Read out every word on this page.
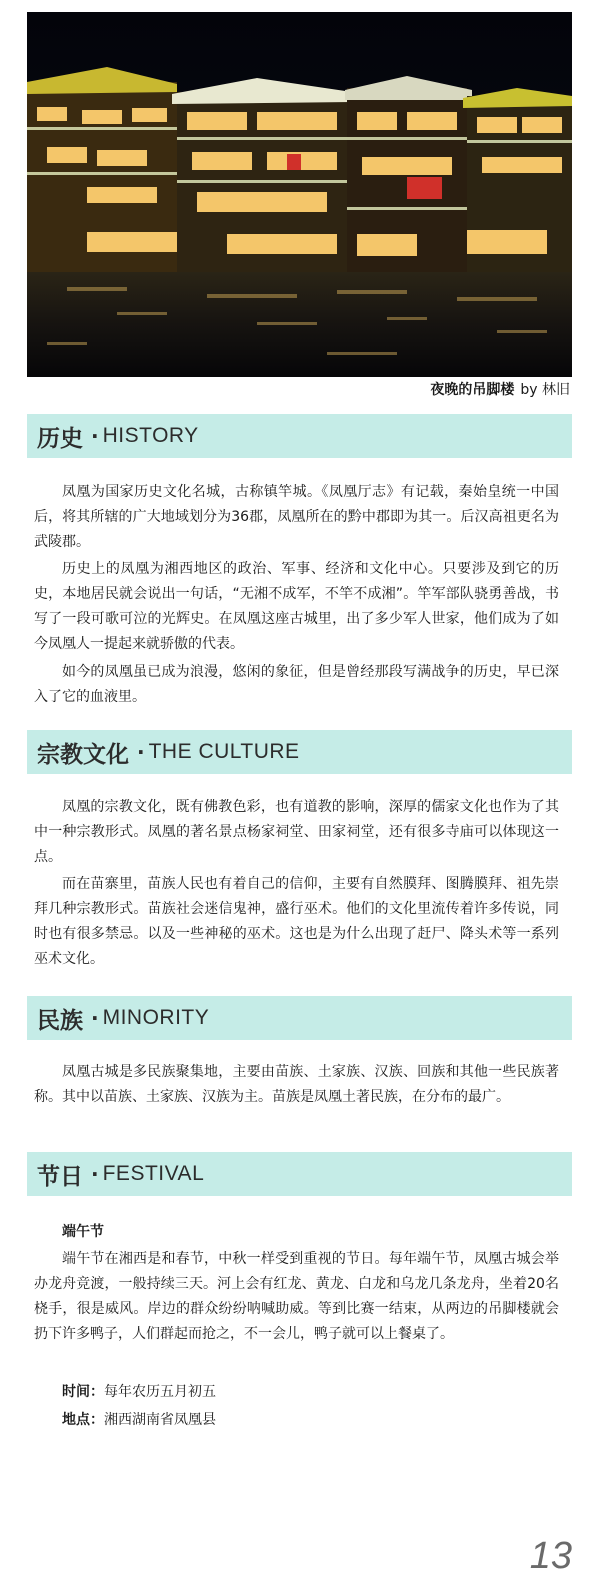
夜晚的吊脚楼 by 林旧
历史 · HISTORY

凤凰为国家历史文化名城，古称镇竿城。《凤凰厅志》有记载，秦始皇统一中国后，将其所辖的广大地域划分为36郡，凤凰所在的黔中郡即为其一。后汉高祖更名为武陵郡。

历史上的凤凰为湘西地区的政治、军事、经济和文化中心。只要涉及到它的历史，本地居民就会说出一句话，“无湘不成军，不竿不成湘”。竿军部队骁勇善战，书写了一段可歌可泣的光辉史。在凤凰这座古城里，出了多少军人世家，他们成为了如今凤凰人一提起来就骄傲的代表。

如今的凤凰虽已成为浪漫，悠闲的象征，但是曾经那段写满战争的历史，早已深入了它的血液里。

宗教文化 · THE CULTURE

凤凰的宗教文化，既有佛教色彩，也有道教的影响，深厚的儒家文化也作为了其中一种宗教形式。凤凰的著名景点杨家祠堂、田家祠堂，还有很多寺庙可以体现这一点。

而在苗寨里，苗族人民也有着自己的信仰，主要有自然膜拜、图腾膜拜、祖先崇拜几种宗教形式。苗族社会迷信鬼神，盛行巫术。他们的文化里流传着许多传说，同时也有很多禁忌。以及一些神秘的巫术。这也是为什么出现了赶尸、降头术等一系列巫术文化。

民族 · MINORITY

凤凰古城是多民族聚集地，主要由苗族、土家族、汉族、回族和其他一些民族著称。其中以苗族、土家族、汉族为主。苗族是凤凰土著民族，在分布的最广。

节日 · FESTIVAL

端午节

端午节在湘西是和春节，中秋一样受到重视的节日。每年端午节，凤凰古城会举办龙舟竞渡，一般持续三天。河上会有红龙、黄龙、白龙和乌龙几条龙舟，坐着20名桡手，很是威风。岸边的群众纷纷呐喊助威。等到比赛一结束，从两边的吊脚楼就会扔下许多鸭子，人们群起而抢之，不一会儿，鸭子就可以上餐桌了。

时间：每年农历五月初五

地点：湘西湖南省凤凰县

13
